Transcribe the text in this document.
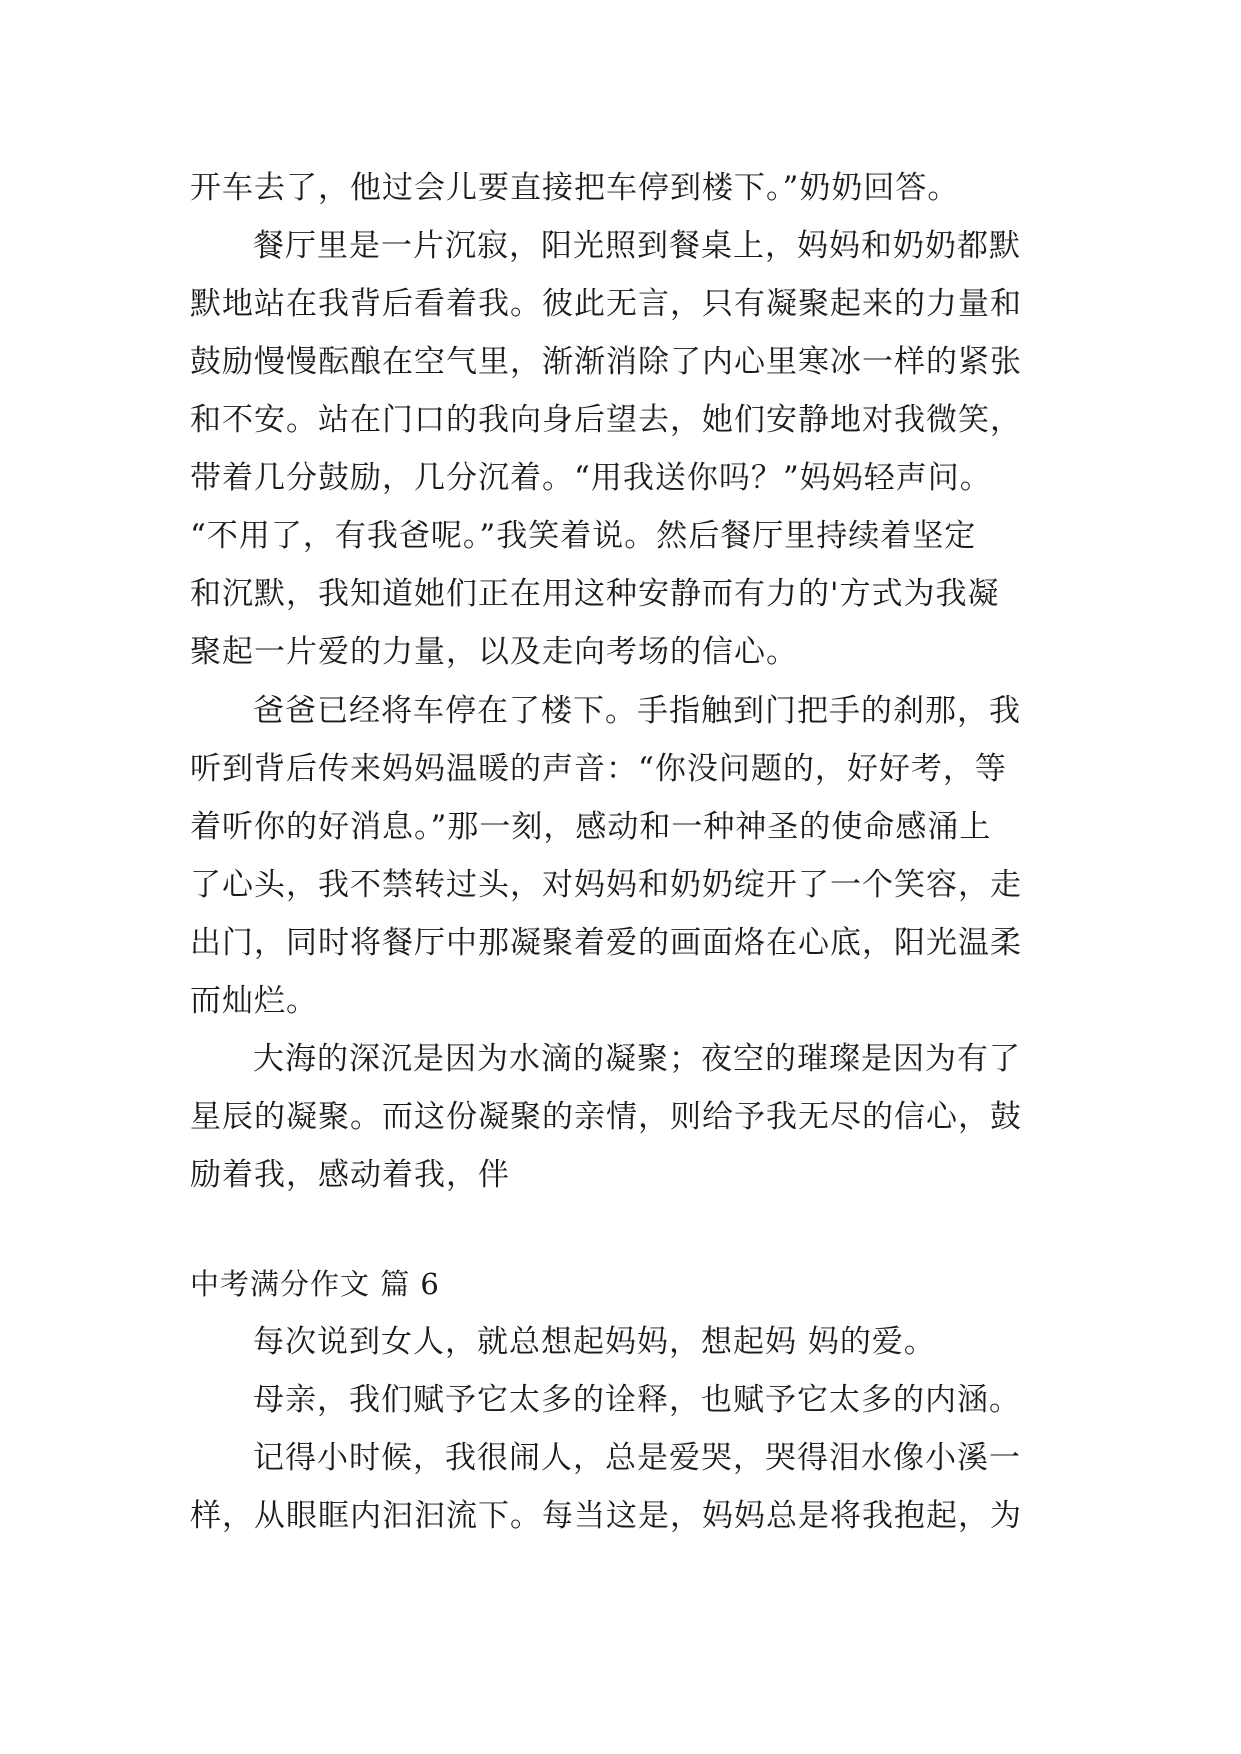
开车去了，他过会儿要直接把车停到楼下。”奶奶回答。
餐厅里是一片沉寂，阳光照到餐桌上，妈妈和奶奶都默
默地站在我背后看着我。彼此无言，只有凝聚起来的力量和
鼓励慢慢酝酿在空气里，渐渐消除了内心里寒冰一样的紧张
和不安。站在门口的我向身后望去，她们安静地对我微笑，
带着几分鼓励，几分沉着。“用我送你吗？”妈妈轻声问。
“不用了，有我爸呢。”我笑着说。然后餐厅里持续着坚定
和沉默，我知道她们正在用这种安静而有力的'方式为我凝
聚起一片爱的力量，以及走向考场的信心。
爸爸已经将车停在了楼下。手指触到门把手的刹那，我
听到背后传来妈妈温暖的声音：“你没问题的，好好考，等
着听你的好消息。”那一刻，感动和一种神圣的使命感涌上
了心头，我不禁转过头，对妈妈和奶奶绽开了一个笑容，走
出门，同时将餐厅中那凝聚着爱的画面烙在心底，阳光温柔
而灿烂。
大海的深沉是因为水滴的凝聚；夜空的璀璨是因为有了
星辰的凝聚。而这份凝聚的亲情，则给予我无尽的信心，鼓
励着我，感动着我，伴
中考满分作文 篇 6
每次说到女人，就总想起妈妈，想起妈 妈的爱。
母亲，我们赋予它太多的诠释，也赋予它太多的内涵。
记得小时候，我很闹人，总是爱哭，哭得泪水像小溪一
样，从眼眶内汩汩流下。每当这是，妈妈总是将我抱起，为
